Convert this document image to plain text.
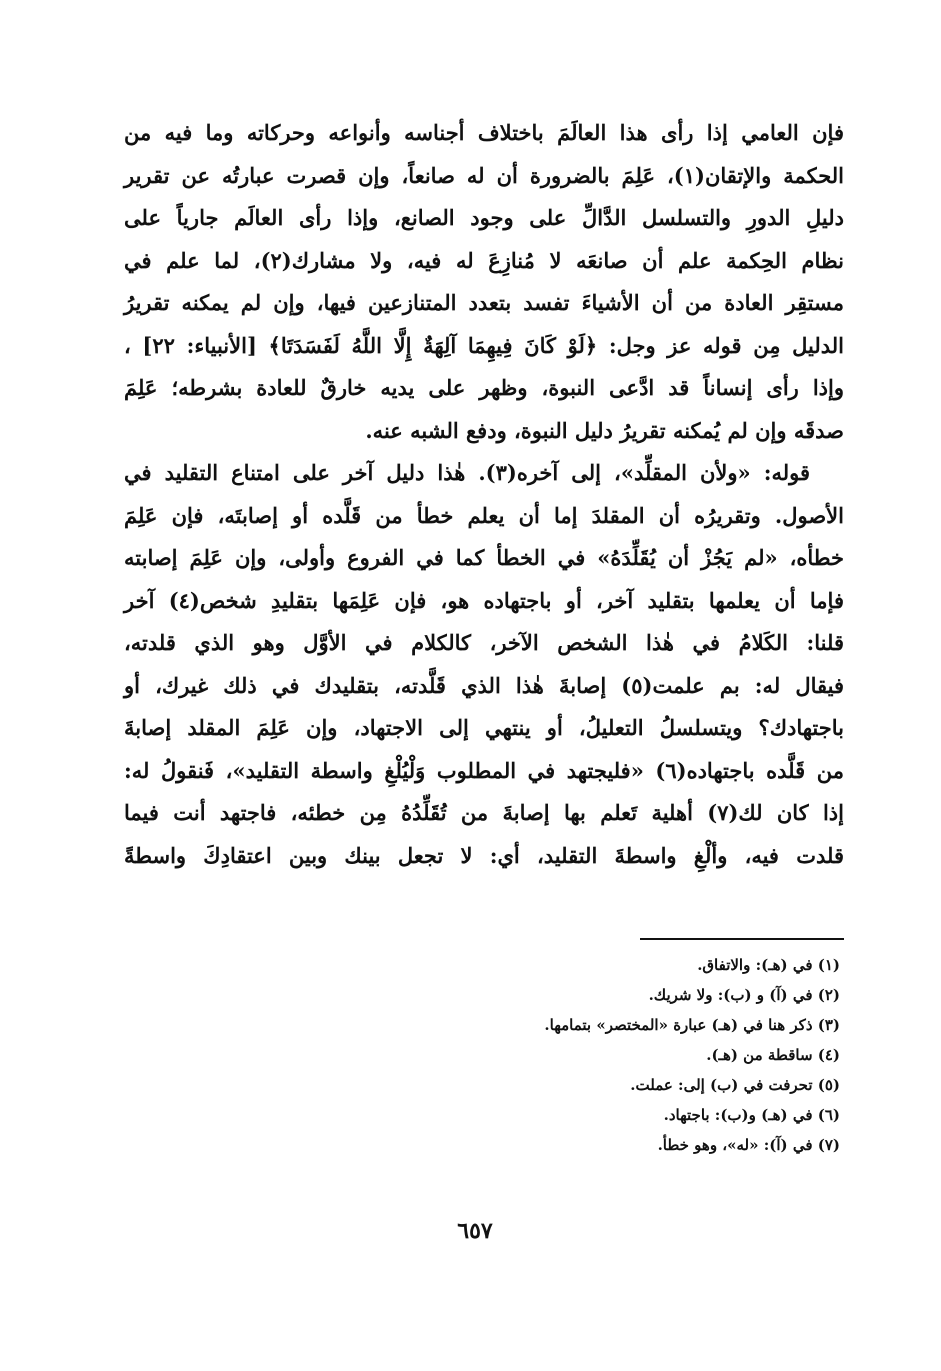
فإن العامي إذا رأى هذا العالَمَ باختلاف أجناسه وأنواعه وحركاته وما فيه من
الحكمة والإتقان(١)، عَلِمَ بالضرورة أن له صانعاً، وإن قصرت عبارتُه عن تقرير
دليلِ الدورِ والتسلسل الدَّالِّ على وجود الصانع، وإذا رأى العالَم جارياً على
نظام الحِكمة علم أن صانعَه لا مُنازِعَ له فيه، ولا مشارك(٢)، لما علم في
مستقِر العادة من أن الأشياءَ تفسد بتعدد المتنازعين فيها، وإن لم يمكنه تقريرُ
الدليل مِن قوله عز وجل: ﴿لَوْ كَانَ فِيهِمَا آلِهَةٌ إِلَّا اللَّهُ لَفَسَدَتَا﴾ [الأنبياء: ٢٢] ،
وإذا رأى إنساناً قد ادَّعى النبوة، وظهر على يديه خارقٌ للعادة بشرطه؛ عَلِمَ
صدقَه وإن لم يُمكنه تقريرُ دليل النبوة، ودفع الشبه عنه.
قوله: «ولأن المقلِّد»، إلى آخره(٣). هٰذا دليل آخر على امتناع التقليد في
الأصول. وتقريرُه أن المقلدَ إما أن يعلم خطأ من قَلَّده أو إصابتَه، فإن عَلِمَ
خطأه، «لم يَجُزْ أن يُقَلِّدَهُ» في الخطأ كما في الفروع وأولى، وإن عَلِمَ إصابته
فإما أن يعلمها بتقليد آخر، أو باجتهاده هو، فإن عَلِمَها بتقليدِ شخص(٤) آخر
قلنا: الكَلامُ في هٰذا الشخص الآخر، كالكلام في الأوَّل وهو الذي قلدته،
فيقال له: بم علمت(٥) إصابةَ هٰذا الذي قَلَّدته، بتقليدك في ذلك غيرك، أو
باجتهادك؟ ويتسلسلُ التعليلُ، أو ينتهي إلى الاجتهاد، وإن عَلِمَ المقلد إصابةَ
من قَلَّده باجتهاده(٦) «فليجتهد في المطلوب وَلْيُلْغِ واسطة التقليد»، فَنقولُ له:
إذا كان لك(٧) أهلية تَعلم بها إصابةَ من تُقَلِّدُهُ مِن خطئه، فاجتهد أنت فيما
قلدت فيه، وألْغِ واسطةَ التقليد، أي: لا تجعل بينك وبين اعتقادِكَ واسطةً
(١) في (هـ): والاتفاق.
(٢) في (آ) و (ب): ولا شريك.
(٣) ذكر هنا في (هـ) عبارة «المختصر» بتمامها.
(٤) ساقطة من (هـ).
(٥) تحرفت في (ب) إلى: عملت.
(٦) في (هـ) و(ب): باجتهاد.
(٧) في (آ): «له»، وهو خطأ.
٦٥٧
